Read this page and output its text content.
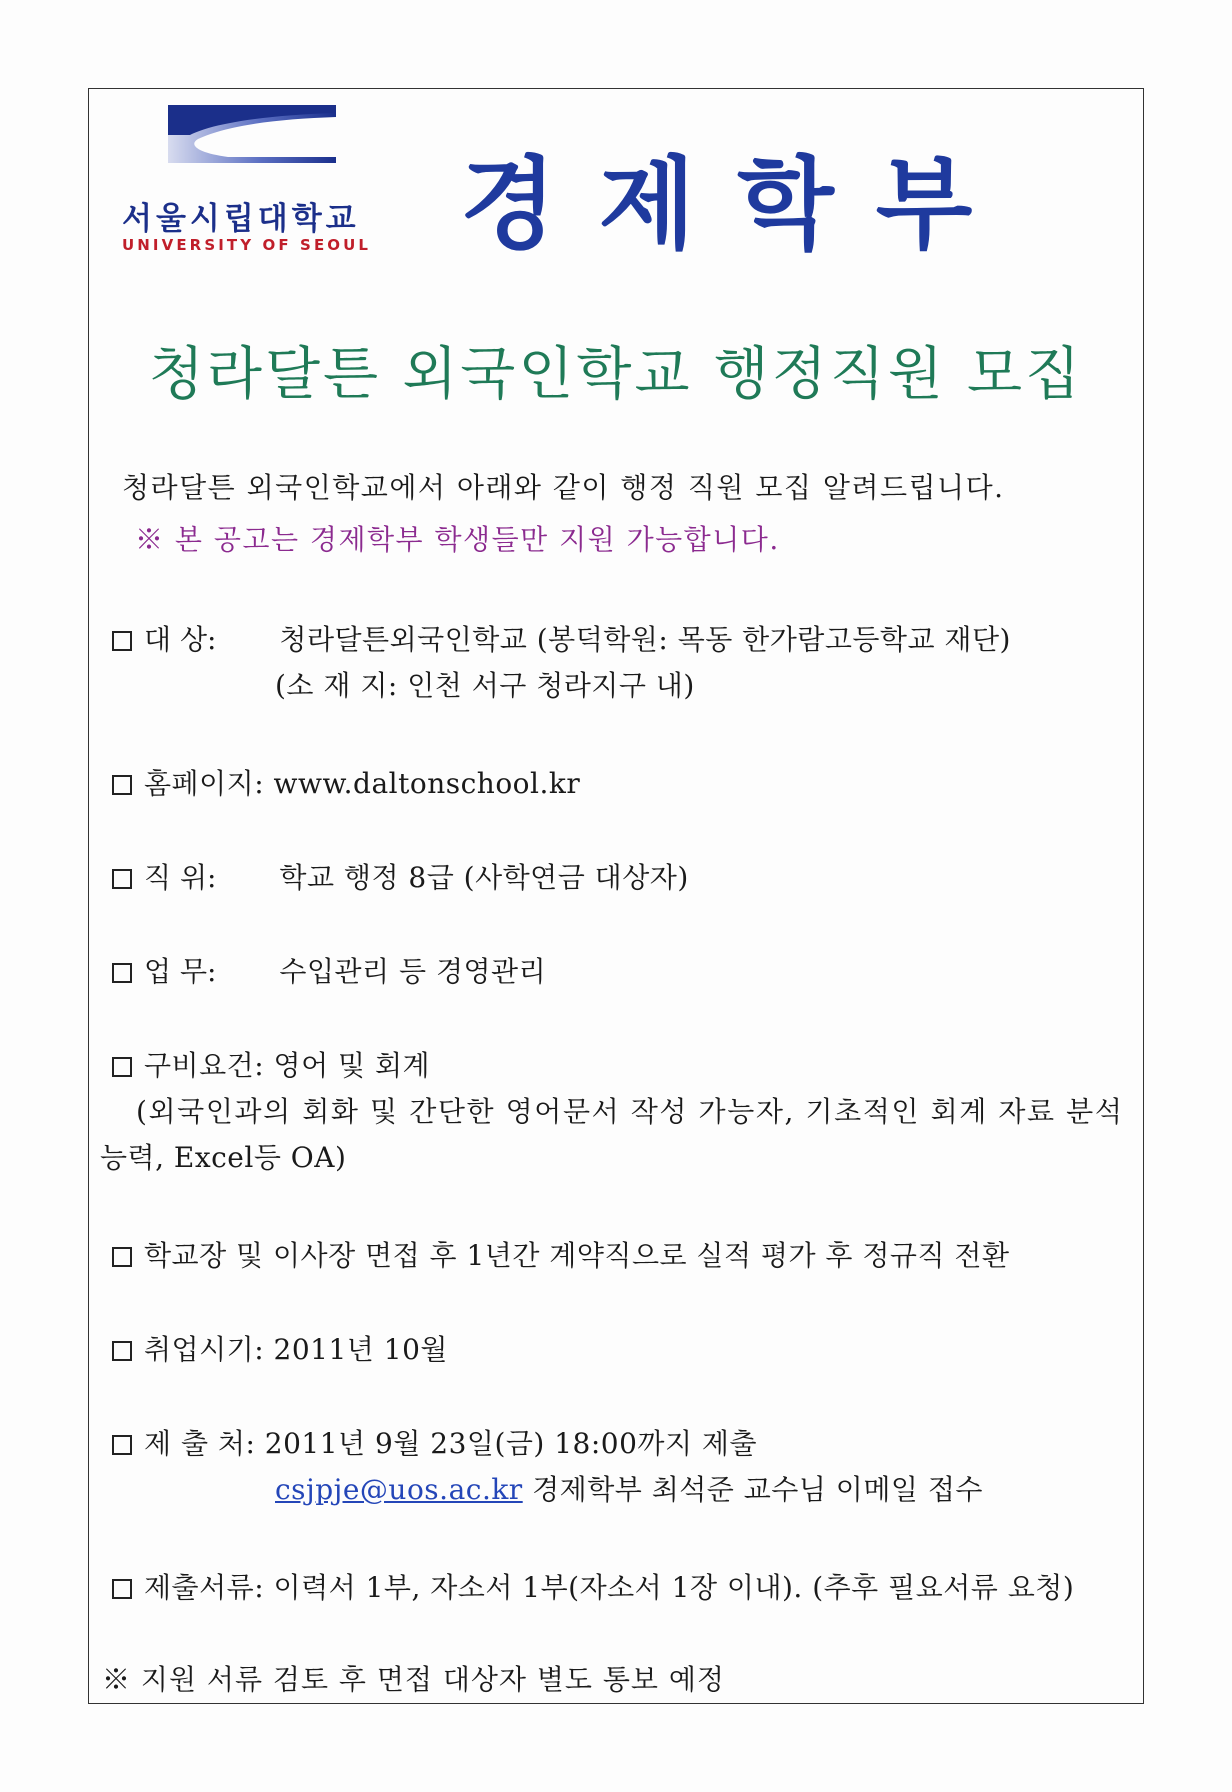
서울시립대학교
UNIVERSITY OF SEOUL 경제학부
청라달튼 외국인학교 행정직원 모집
청라달튼 외국인학교에서 아래와 같이 행정 직원 모집 알려드립니다.
※ 본 공고는 경제학부 학생들만 지원 가능합니다.
대 상: 청라달튼외국인학교 (봉덕학원: 목동 한가람고등학교 재단)
(소 재 지: 인천 서구 청라지구 내)
홈페이지: www.daltonschool.kr
직 위: 학교 행정 8급 (사학연금 대상자)
업 무: 수입관리 등 경영관리
구비요건: 영어 및 회계
(외국인과의 회화 및 간단한 영어문서 작성 가능자, 기초적인 회계 자료 분석
능력, Excel등 OA)
학교장 및 이사장 면접 후 1년간 계약직으로 실적 평가 후 정규직 전환
취업시기: 2011년 10월
제 출 처: 2011년 9월 23일(금) 18:00까지 제출
csjpje@uos.ac.kr 경제학부 최석준 교수님 이메일 접수
제출서류: 이력서 1부, 자소서 1부(자소서 1장 이내). (추후 필요서류 요청)
※ 지원 서류 검토 후 면접 대상자 별도 통보 예정
